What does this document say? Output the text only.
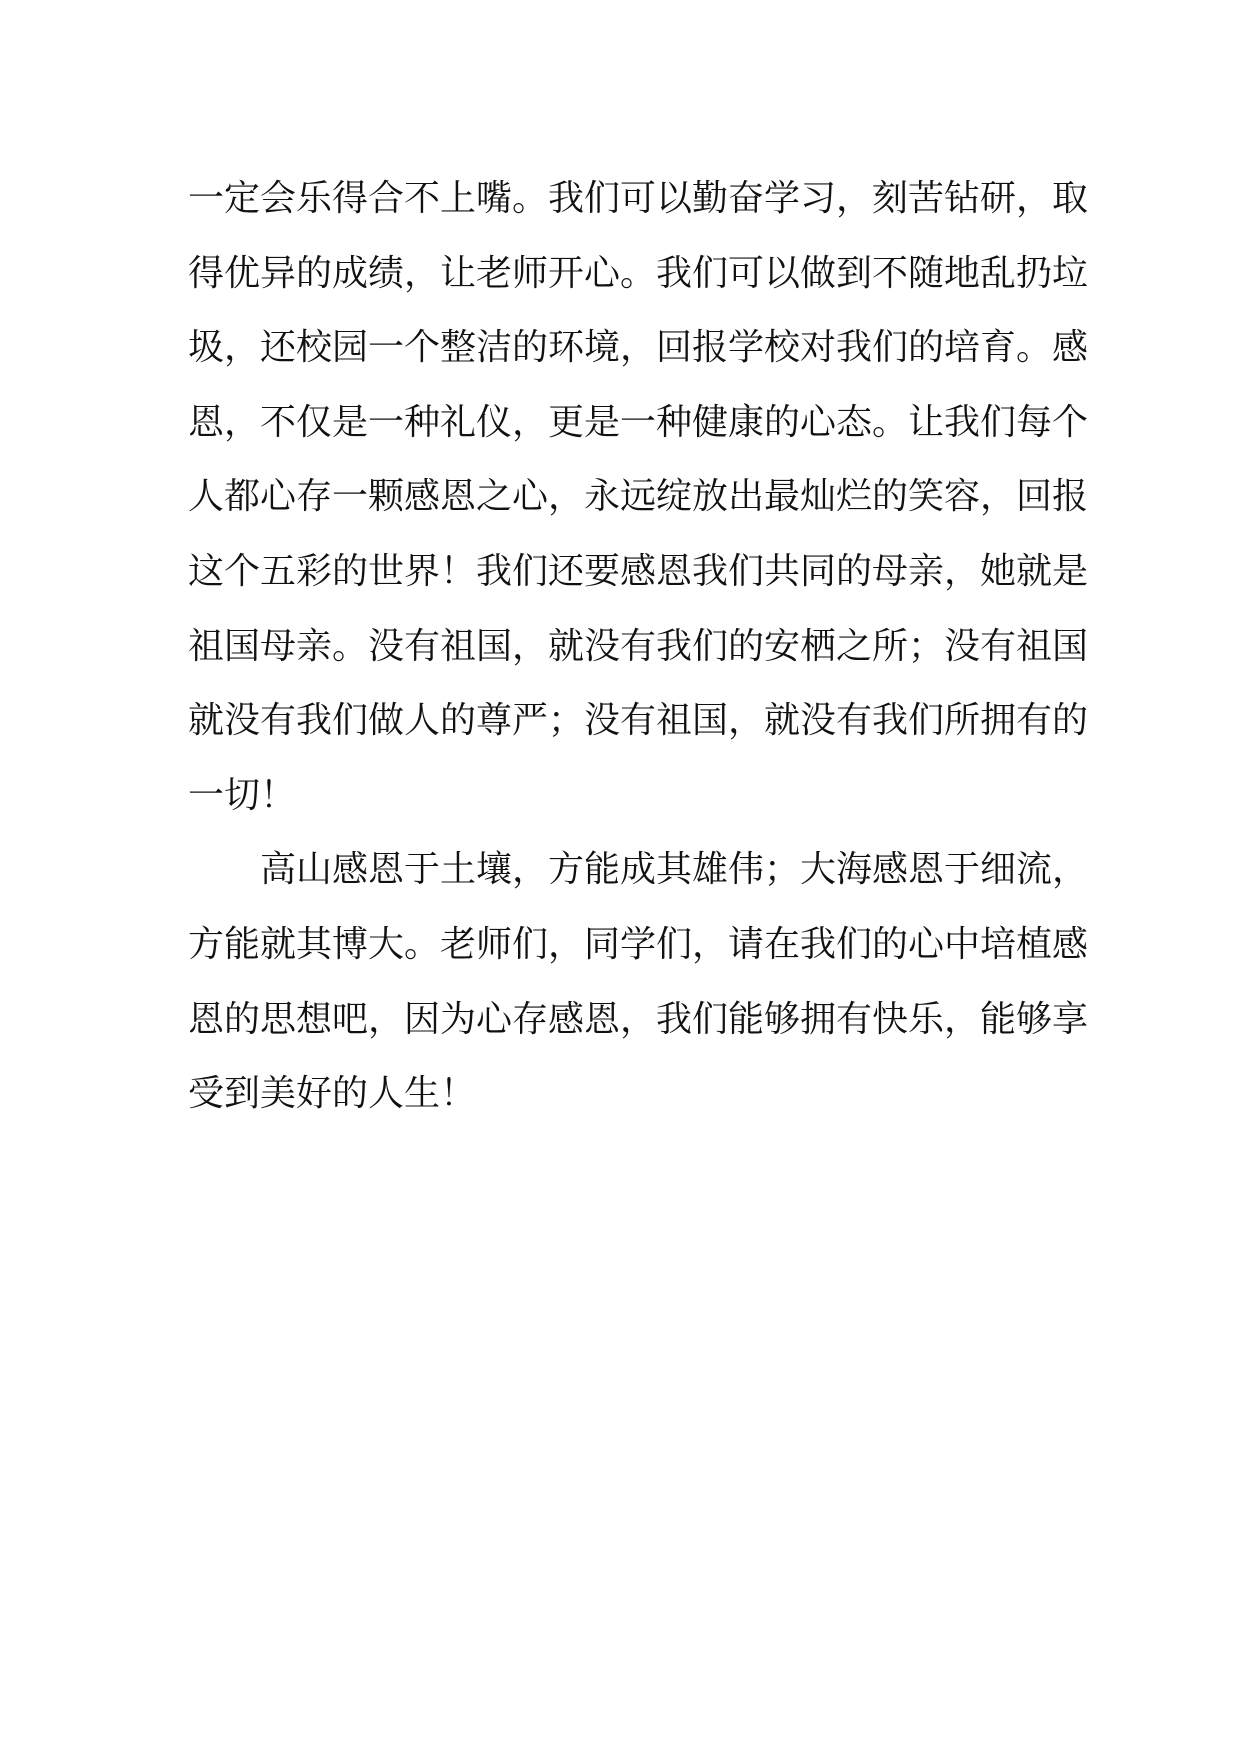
一定会乐得合不上嘴。我们可以勤奋学习，刻苦钻研，取
得优异的成绩，让老师开心。我们可以做到不随地乱扔垃
圾，还校园一个整洁的环境，回报学校对我们的培育。感
恩，不仅是一种礼仪，更是一种健康的心态。让我们每个
人都心存一颗感恩之心，永远绽放出最灿烂的笑容，回报
这个五彩的世界！我们还要感恩我们共同的母亲，她就是
祖国母亲。没有祖国，就没有我们的安栖之所；没有祖国
就没有我们做人的尊严；没有祖国，就没有我们所拥有的
一切！
高山感恩于土壤，方能成其雄伟；大海感恩于细流，
方能就其博大。老师们，同学们，请在我们的心中培植感
恩的思想吧，因为心存感恩，我们能够拥有快乐，能够享
受到美好的人生！
